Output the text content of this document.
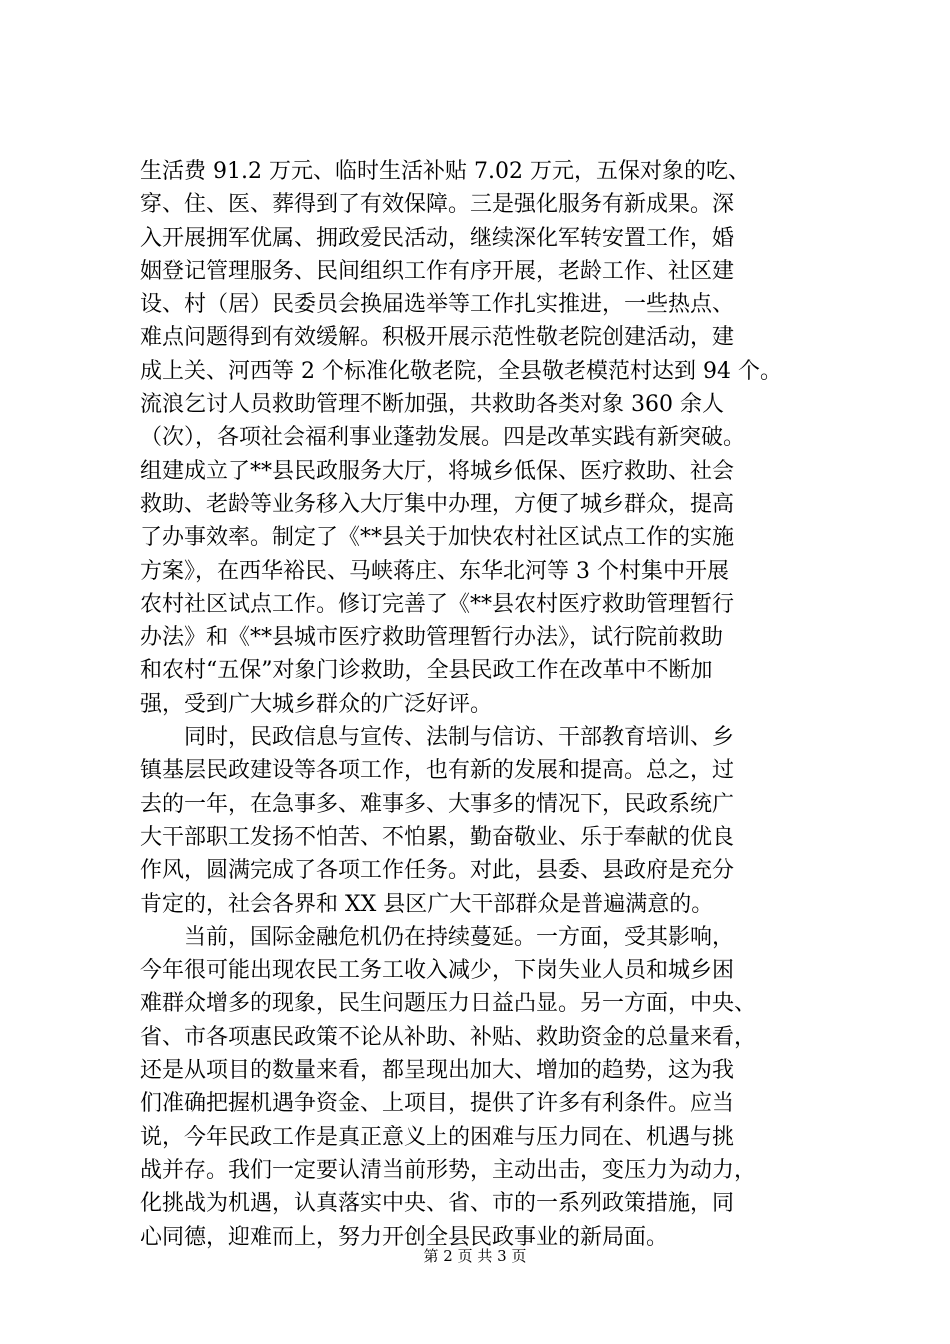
生活费 91.2 万元、临时生活补贴 7.02 万元，五保对象的吃、
穿、住、医、葬得到了有效保障。三是强化服务有新成果。深
入开展拥军优属、拥政爱民活动，继续深化军转安置工作，婚
姻登记管理服务、民间组织工作有序开展，老龄工作、社区建
设、村（居）民委员会换届选举等工作扎实推进，一些热点、
难点问题得到有效缓解。积极开展示范性敬老院创建活动，建
成上关、河西等 2 个标准化敬老院，全县敬老模范村达到 94 个。
流浪乞讨人员救助管理不断加强，共救助各类对象 360 余人
（次），各项社会福利事业蓬勃发展。四是改革实践有新突破。
组建成立了**县民政服务大厅，将城乡低保、医疗救助、社会
救助、老龄等业务移入大厅集中办理，方便了城乡群众，提高
了办事效率。制定了《**县关于加快农村社区试点工作的实施
方案》，在西华裕民、马峡蒋庄、东华北河等 3 个村集中开展
农村社区试点工作。修订完善了《**县农村医疗救助管理暂行
办法》和《**县城市医疗救助管理暂行办法》，试行院前救助
和农村“五保”对象门诊救助，全县民政工作在改革中不断加
强，受到广大城乡群众的广泛好评。
　　同时，民政信息与宣传、法制与信访、干部教育培训、乡
镇基层民政建设等各项工作，也有新的发展和提高。总之，过
去的一年，在急事多、难事多、大事多的情况下，民政系统广
大干部职工发扬不怕苦、不怕累，勤奋敬业、乐于奉献的优良
作风，圆满完成了各项工作任务。对此，县委、县政府是充分
肯定的，社会各界和 XX 县区广大干部群众是普遍满意的。
　　当前，国际金融危机仍在持续蔓延。一方面，受其影响，
今年很可能出现农民工务工收入减少，下岗失业人员和城乡困
难群众增多的现象，民生问题压力日益凸显。另一方面，中央、
省、市各项惠民政策不论从补助、补贴、救助资金的总量来看，
还是从项目的数量来看，都呈现出加大、增加的趋势，这为我
们准确把握机遇争资金、上项目，提供了许多有利条件。应当
说，今年民政工作是真正意义上的困难与压力同在、机遇与挑
战并存。我们一定要认清当前形势，主动出击，变压力为动力，
化挑战为机遇，认真落实中央、省、市的一系列政策措施，同
心同德，迎难而上，努力开创全县民政事业的新局面。
第 2 页 共 3 页
